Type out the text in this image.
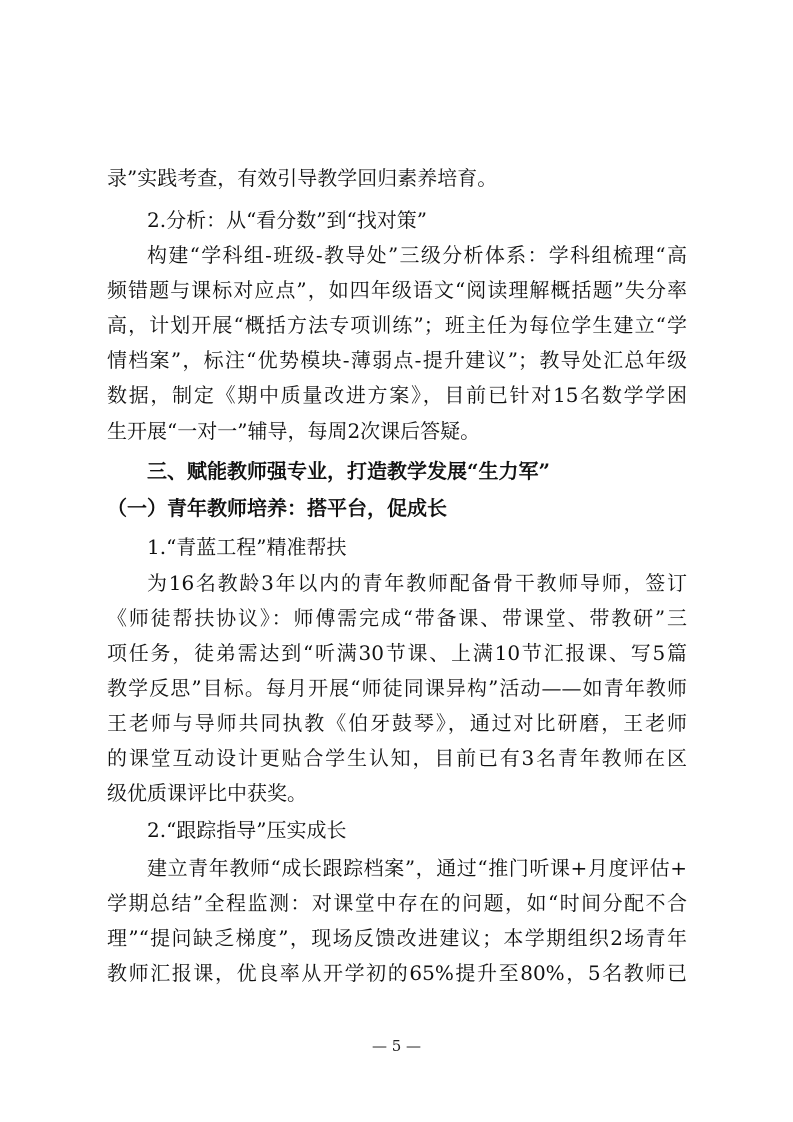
录”实践考查，有效引导教学回归素养培育。
2.分析：从“看分数”到“找对策”
构建“学科组-班级-教导处”三级分析体系：学科组梳理“高
频错题与课标对应点”，如四年级语文“阅读理解概括题”失分率
高，计划开展“概括方法专项训练”；班主任为每位学生建立“学
情档案”，标注“优势模块-薄弱点-提升建议”；教导处汇总年级
数据，制定《期中质量改进方案》，目前已针对15名数学学困
生开展“一对一”辅导，每周2次课后答疑。
三、赋能教师强专业，打造教学发展“生力军”
（一）青年教师培养：搭平台，促成长
1.“青蓝工程”精准帮扶
为16名教龄3年以内的青年教师配备骨干教师导师，签订
《师徒帮扶协议》：师傅需完成“带备课、带课堂、带教研”三
项任务，徒弟需达到“听满30节课、上满10节汇报课、写5篇
教学反思”目标。每月开展“师徒同课异构”活动——如青年教师
王老师与导师共同执教《伯牙鼓琴》，通过对比研磨，王老师
的课堂互动设计更贴合学生认知，目前已有3名青年教师在区
级优质课评比中获奖。
2.“跟踪指导”压实成长
建立青年教师“成长跟踪档案”，通过“推门听课+月度评估+
学期总结”全程监测：对课堂中存在的问题，如“时间分配不合
理”“提问缺乏梯度”，现场反馈改进建议；本学期组织2场青年
教师汇报课，优良率从开学初的65%提升至80%，5名教师已
— 5 —
